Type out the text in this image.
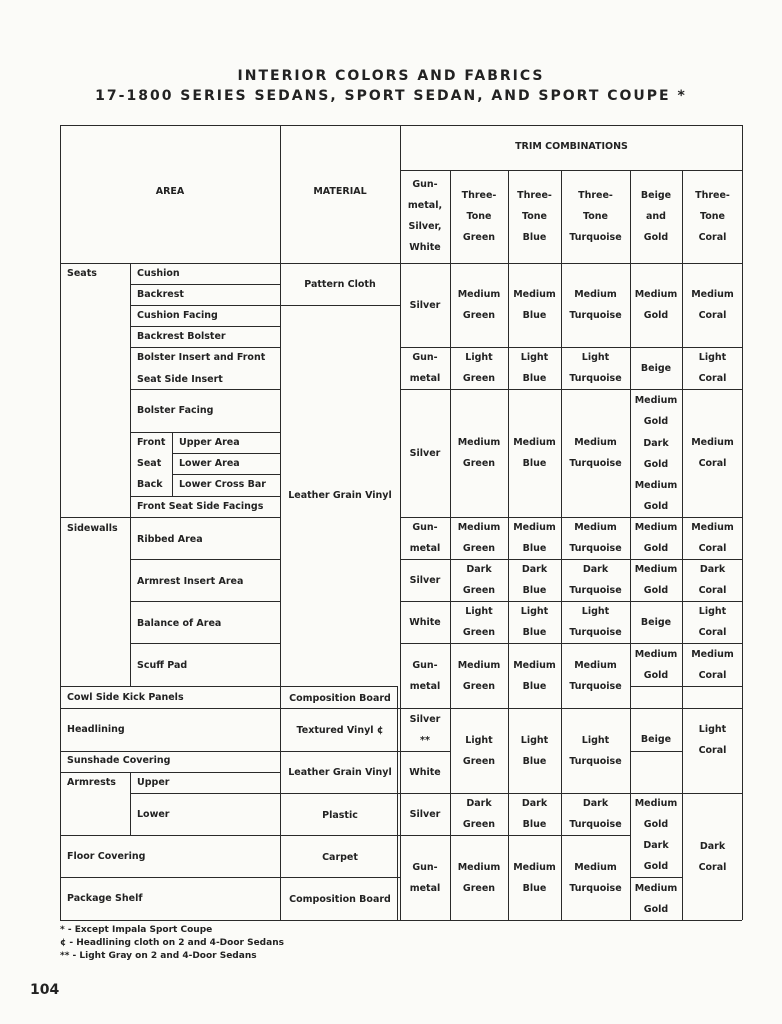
INTERIOR COLORS AND FABRICS
17-1800 SERIES SEDANS, SPORT SEDAN, AND SPORT COUPE *
AREA	MATERIAL
TRIM COMBINATIONS
Gun-
metal,
Silver,
White
Three-
Tone
Green
Three-
Tone
Blue
Three-
Tone
Turquoise
Beige
and
Gold
Three-
Tone
Coral
Seats	Cushion
Backrest
Cushion Facing
Backrest Bolster
Bolster Insert and Front
Seat Side Insert
Bolster Facing
Front
Seat
Back
Upper Area
Lower Area
Lower Cross Bar
Front Seat Side Facings
Sidewalls
Ribbed Area
Armrest Insert Area
Balance of Area
Scuff Pad
Cowl Side Kick Panels
Headlining
Sunshade Covering
Armrests Upper
Lower
Floor Covering
Package Shelf
Pattern Cloth
Leather Grain Vinyl
Composition Board
Textured Vinyl ¢
Leather Grain Vinyl
Plastic
Carpet
Composition Board
Silver
Gun-
metal
Silver
Gun-
metal
Silver
White
Gun-
metal
Silver
**
White
Silver
Gun-
metal
Medium
Green
Light
Green
Medium
Green
Medium
Green
Dark
Green
Light
Green
Medium
Green
Light
Green
Dark
Green
Medium
Green
Medium
Blue
Light
Blue
Medium
Blue
Medium
Blue
Dark
Blue
Light
Blue
Medium
Blue
Light
Blue
Dark
Blue
Medium
Blue
Medium
Turquoise
Light
Turquoise
Medium
Turquoise
Medium
Turquoise
Dark
Turquoise
Light
Turquoise
Medium
Turquoise
Light
Turquoise
Dark
Turquoise
Medium
Turquoise
Medium
Gold
Beige
Medium
Gold
Dark
Gold
Medium
Gold
Medium
Gold
Medium
Gold
Beige
Medium
Gold
Beige
Medium
Gold
Dark
Gold
Medium
Gold
Medium
Coral
Light
Coral
Medium
Coral
Medium
Coral
Dark
Coral
Light
Coral
Medium
Coral
Light
Coral
Dark
Coral
* - Except Impala Sport Coupe
¢ - Headlining cloth on 2 and 4-Door Sedans
** - Light Gray on 2 and 4-Door Sedans
104
